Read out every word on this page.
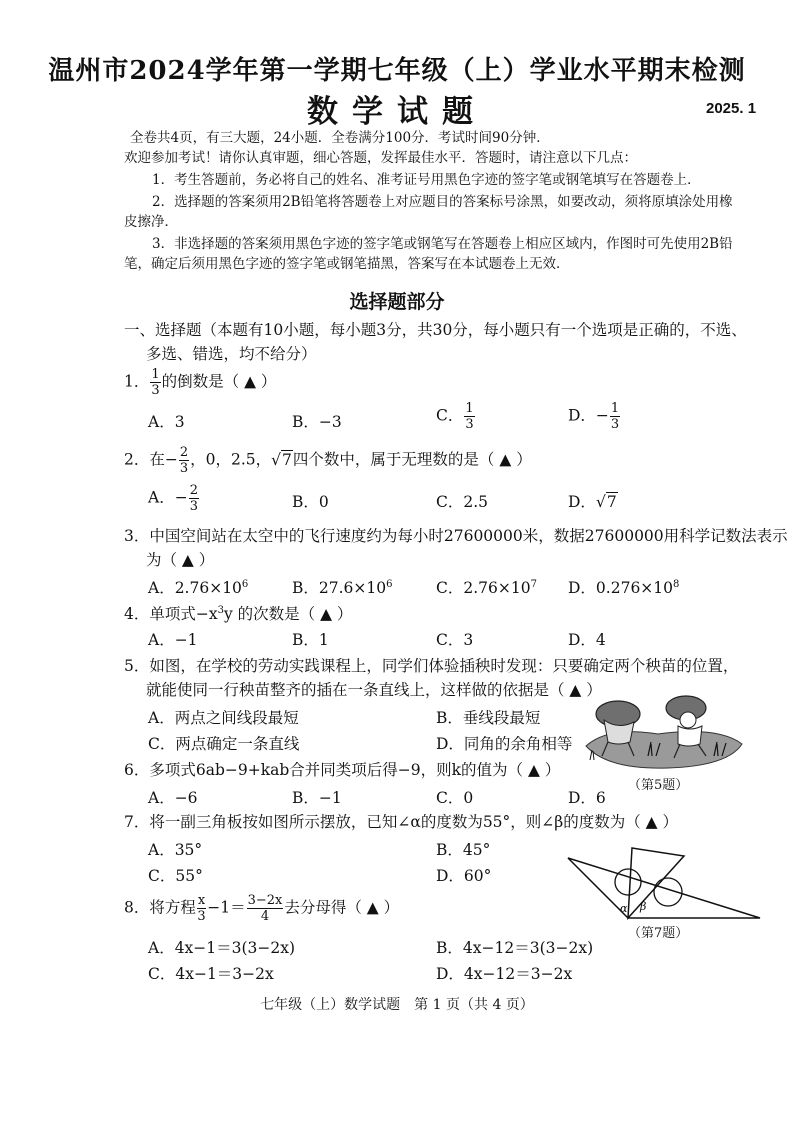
温州市2024学年第一学期七年级（上）学业水平期末检测
数学试题	2025. 1
全卷共4页，有三大题，24小题．全卷满分100分．考试时间90分钟．
欢迎参加考试！请你认真审题，细心答题，发挥最佳水平．答题时，请注意以下几点：
1．考生答题前，务必将自己的姓名、准考证号用黑色字迹的签字笔或钢笔填写在答题卷上．
2．选择题的答案须用2B铅笔将答题卷上对应题目的答案标号涂黑，如要改动，须将原填涂处用橡
皮擦净．
3．非选择题的答案须用黑色字迹的签字笔或钢笔写在答题卷上相应区域内，作图时可先使用2B铅
笔，确定后须用黑色字迹的签字笔或钢笔描黑，答案写在本试题卷上无效．
选择题部分
一、选择题（本题有10小题，每小题3分，共30分，每小题只有一个选项是正确的，不选、
多选、错选，均不给分）
1． $\frac{1}{3}$ 的倒数是（ ▲ ）
A．3	B．−3	C． $\frac{1}{3}$	D．− $\frac{1}{3}$
2．在− $\frac{2}{3}$ ，0，2.5，√7四个数中，属于无理数的是（ ▲ ）
A．− $\frac{2}{3}$	B．0	C．2.5	D．√7
3．中国空间站在太空中的飞行速度约为每小时27600000米，数据27600000用科学记数法表示
为（ ▲ ）
A．$2.76\times 10^6$	B．$27.6\times 10^6$	C．$2.76\times 10^7$ D．$0.276\times 10^8$
4．单项式$-x^3y$ 的次数是（ ▲ ）
A．−1	B．1	C．3	D．4
5．如图，在学校的劳动实践课程上，同学们体验插秧时发现：只要确定两个秧苗的位置，
就能使同一行秧苗整齐的插在一条直线上，这样做的依据是（ ▲ ）
A．两点之间线段最短	B．垂线段最短
C．两点确定一条直线	D．同角的余角相等
（第5题）
6．多项式6ab−9+kab合并同类项后得−9，则k的值为（ ▲ ）
A．−6	B．−1	C．0	D．6
7．将一副三角板按如图所示摆放，已知∠α的度数为55°，则∠β的度数为（ ▲ ）
A．35°	B．45°
C．55°	D．60°
α β
（第7题）
8．将方程 $\frac{x}{3} -1= \frac{3-2x}{4}$ 去分母得（ ▲ ）
A．4x−1＝3(3−2x)	B．4x−12＝3(3−2x)
C．4x−1＝3−2x	D．4x−12＝3−2x
七年级（上）数学试题　第 1 页（共 4 页）
